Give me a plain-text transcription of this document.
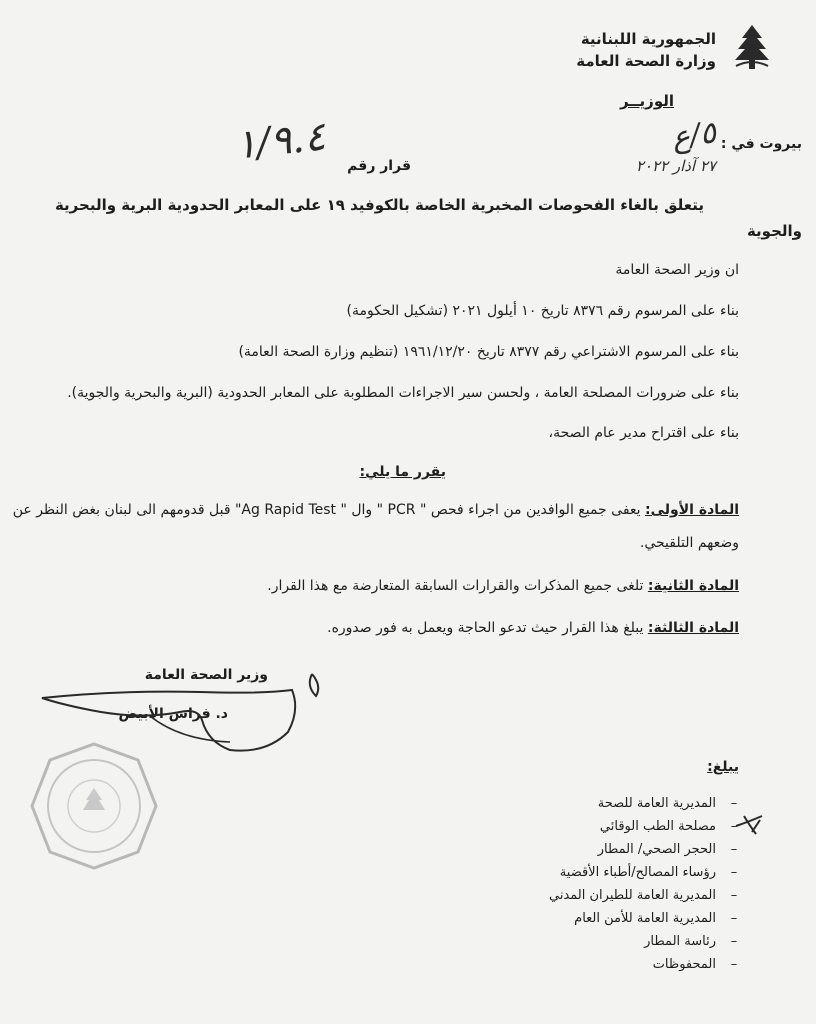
الجمهورية اللبنانية
وزارة الصحة العامة
الوزيــر
بيروت في :
٥/ع
٢٧ آذار ٢٠٢٢
قرار رقم
١/٩.٤
يتعلق بالغاء الفحوصات المخبرية الخاصة بالكوفيد ١٩ على المعابر الحدودية البرية والبحرية
والجوية
ان وزير الصحة العامة
بناء على المرسوم رقم ٨٣٧٦ تاريخ ١٠ أيلول ٢٠٢١ (تشكيل الحكومة)
بناء على المرسوم الاشتراعي رقم ٨٣٧٧ تاريخ ١٩٦١/١٢/٢٠ (تنظيم وزارة الصحة العامة)
بناء على ضرورات المصلحة العامة ، ولحسن سير الاجراءات المطلوبة على المعابر الحدودية (البرية والبحرية والجوية).
بناء على اقتراح مدير عام الصحة،
يقرر ما يلي:
المادة الأولى: يعفى جميع الوافدين من اجراء فحص " PCR " وال " Ag Rapid Test" قبل قدومهم الى لبنان بغض النظر عن
وضعهم التلقيحي.
المادة الثانية: تلغى جميع المذكرات والقرارات السابقة المتعارضة مع هذا القرار.
المادة الثالثة: يبلغ هذا القرار حيث تدعو الحاجة ويعمل به فور صدوره.
وزير الصحة العامة
د. فراس الأبيض
يبلغ:
–المديرية العامة للصحة
–مصلحة الطب الوقائي
–الحجر الصحي/ المطار
–رؤساء المصالح/أطباء الأقضية
–المديرية العامة للطيران المدني
–المديرية العامة للأمن العام
–رئاسة المطار
–المحفوظات
